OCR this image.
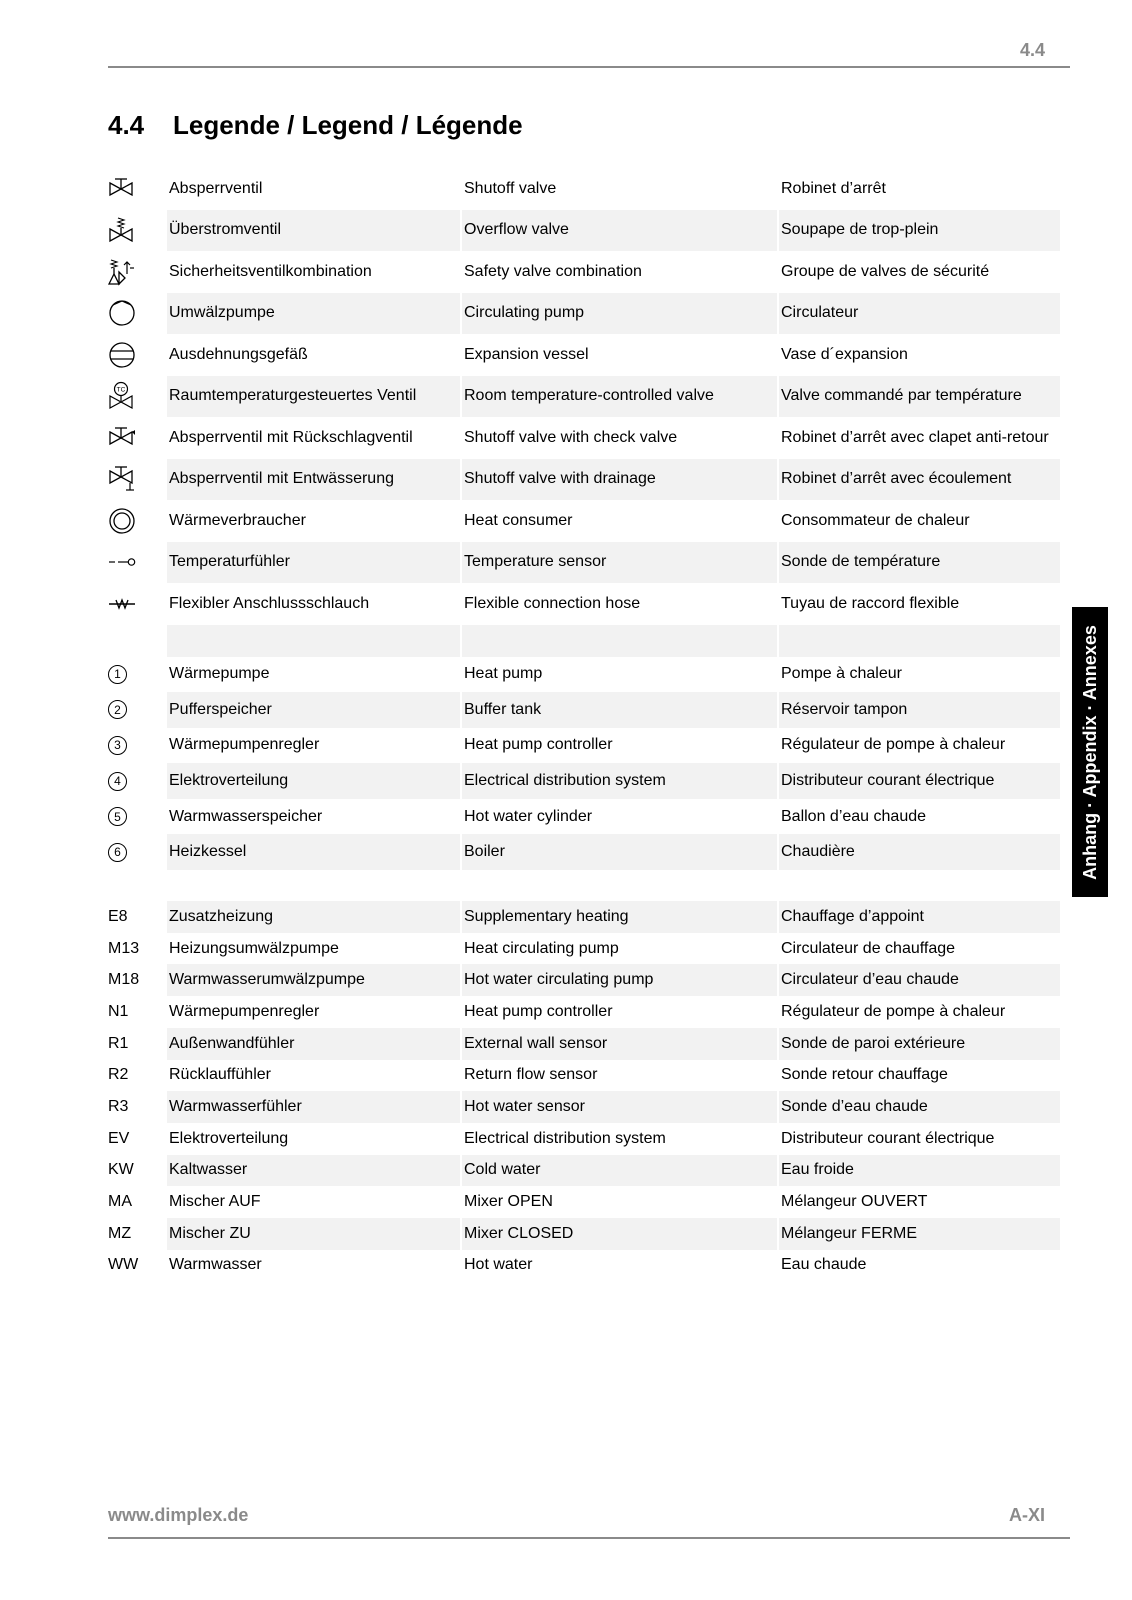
4.4
4.4 Legende / Legend / Légende
Absperrventil	Shutoff valve	Robinet d’arrêt
Überstromventil	Overflow valve	Soupape de trop-plein
Sicherheitsventilkombination	Safety valve combination	Groupe de valves de sécurité
Umwälzpumpe	Circulating pump	Circulateur
Ausdehnungsgefäß	Expansion vessel	Vase d´expansion
TC	Raumtemperaturgesteuertes Ventil	Room temperature-controlled valve	Valve commandé par température
Absperrventil mit Rückschlagventil	Shutoff valve with check valve	Robinet d’arrêt avec clapet anti-retour
Absperrventil mit Entwässerung	Shutoff valve with drainage	Robinet d’arrêt avec écoulement
Wärmeverbraucher	Heat consumer	Consommateur de chaleur
Temperaturfühler	Temperature sensor	Sonde de température
Flexibler Anschlussschlauch	Flexible connection hose	Tuyau de raccord flexible
1	Wärmepumpe	Heat pump	Pompe à chaleur
2	Pufferspeicher	Buffer tank	Réservoir tampon
3	Wärmepumpenregler	Heat pump controller	Régulateur de pompe à chaleur
4	Elektroverteilung	Electrical distribution system	Distributeur courant électrique
5	Warmwasserspeicher	Hot water cylinder	Ballon d’eau chaude
6	Heizkessel	Boiler	Chaudière
E8	Zusatzheizung	Supplementary heating	Chauffage d’appoint
M13	Heizungsumwälzpumpe	Heat circulating pump	Circulateur de chauffage
M18	Warmwasserumwälzpumpe	Hot water circulating pump	Circulateur d’eau chaude
N1	Wärmepumpenregler	Heat pump controller	Régulateur de pompe à chaleur
R1	Außenwandfühler	External wall sensor	Sonde de paroi extérieure
R2	Rücklauffühler	Return flow sensor	Sonde retour chauffage
R3	Warmwasserfühler	Hot water sensor	Sonde d’eau chaude
EV	Elektroverteilung	Electrical distribution system	Distributeur courant électrique
KW	Kaltwasser	Cold water	Eau froide
MA	Mischer AUF	Mixer OPEN	Mélangeur OUVERT
MZ	Mischer ZU	Mixer CLOSED	Mélangeur FERME
WW	Warmwasser	Hot water	Eau chaude
Anhang · Appendix · Annexes
www.dimplex.de	A-XI
